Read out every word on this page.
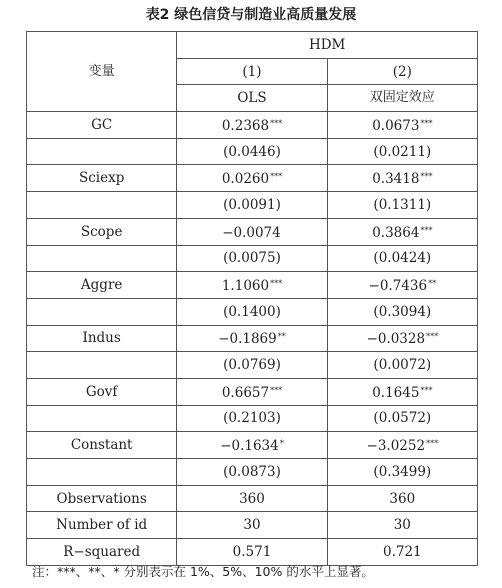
表2 绿色信贷与制造业高质量发展
变量	HDM	
	(1)	(2)
	OLS	双固定效应
GC	0.2368***	0.0673***
	(0.0446)	(0.0211)
Sciexp	0.0260***	0.3418***
	(0.0091)	(0.1311)
Scope	−0.0074	0.3864***
	(0.0075)	(0.0424)
Aggre	1.1060***	−0.7436**
	(0.1400)	(0.3094)
Indus	−0.1869**	−0.0328***
	(0.0769)	(0.0072)
Govf	0.6657***	0.1645***
	(0.2103)	(0.0572)
Constant	−0.1634*	−3.0252***
	(0.0873)	(0.3499)
Observations	360	360
Number of id	30	30
R−squared	0.571	0.721
注：***、**、* 分别表示在 1%、5%、10% 的水平上显著。
